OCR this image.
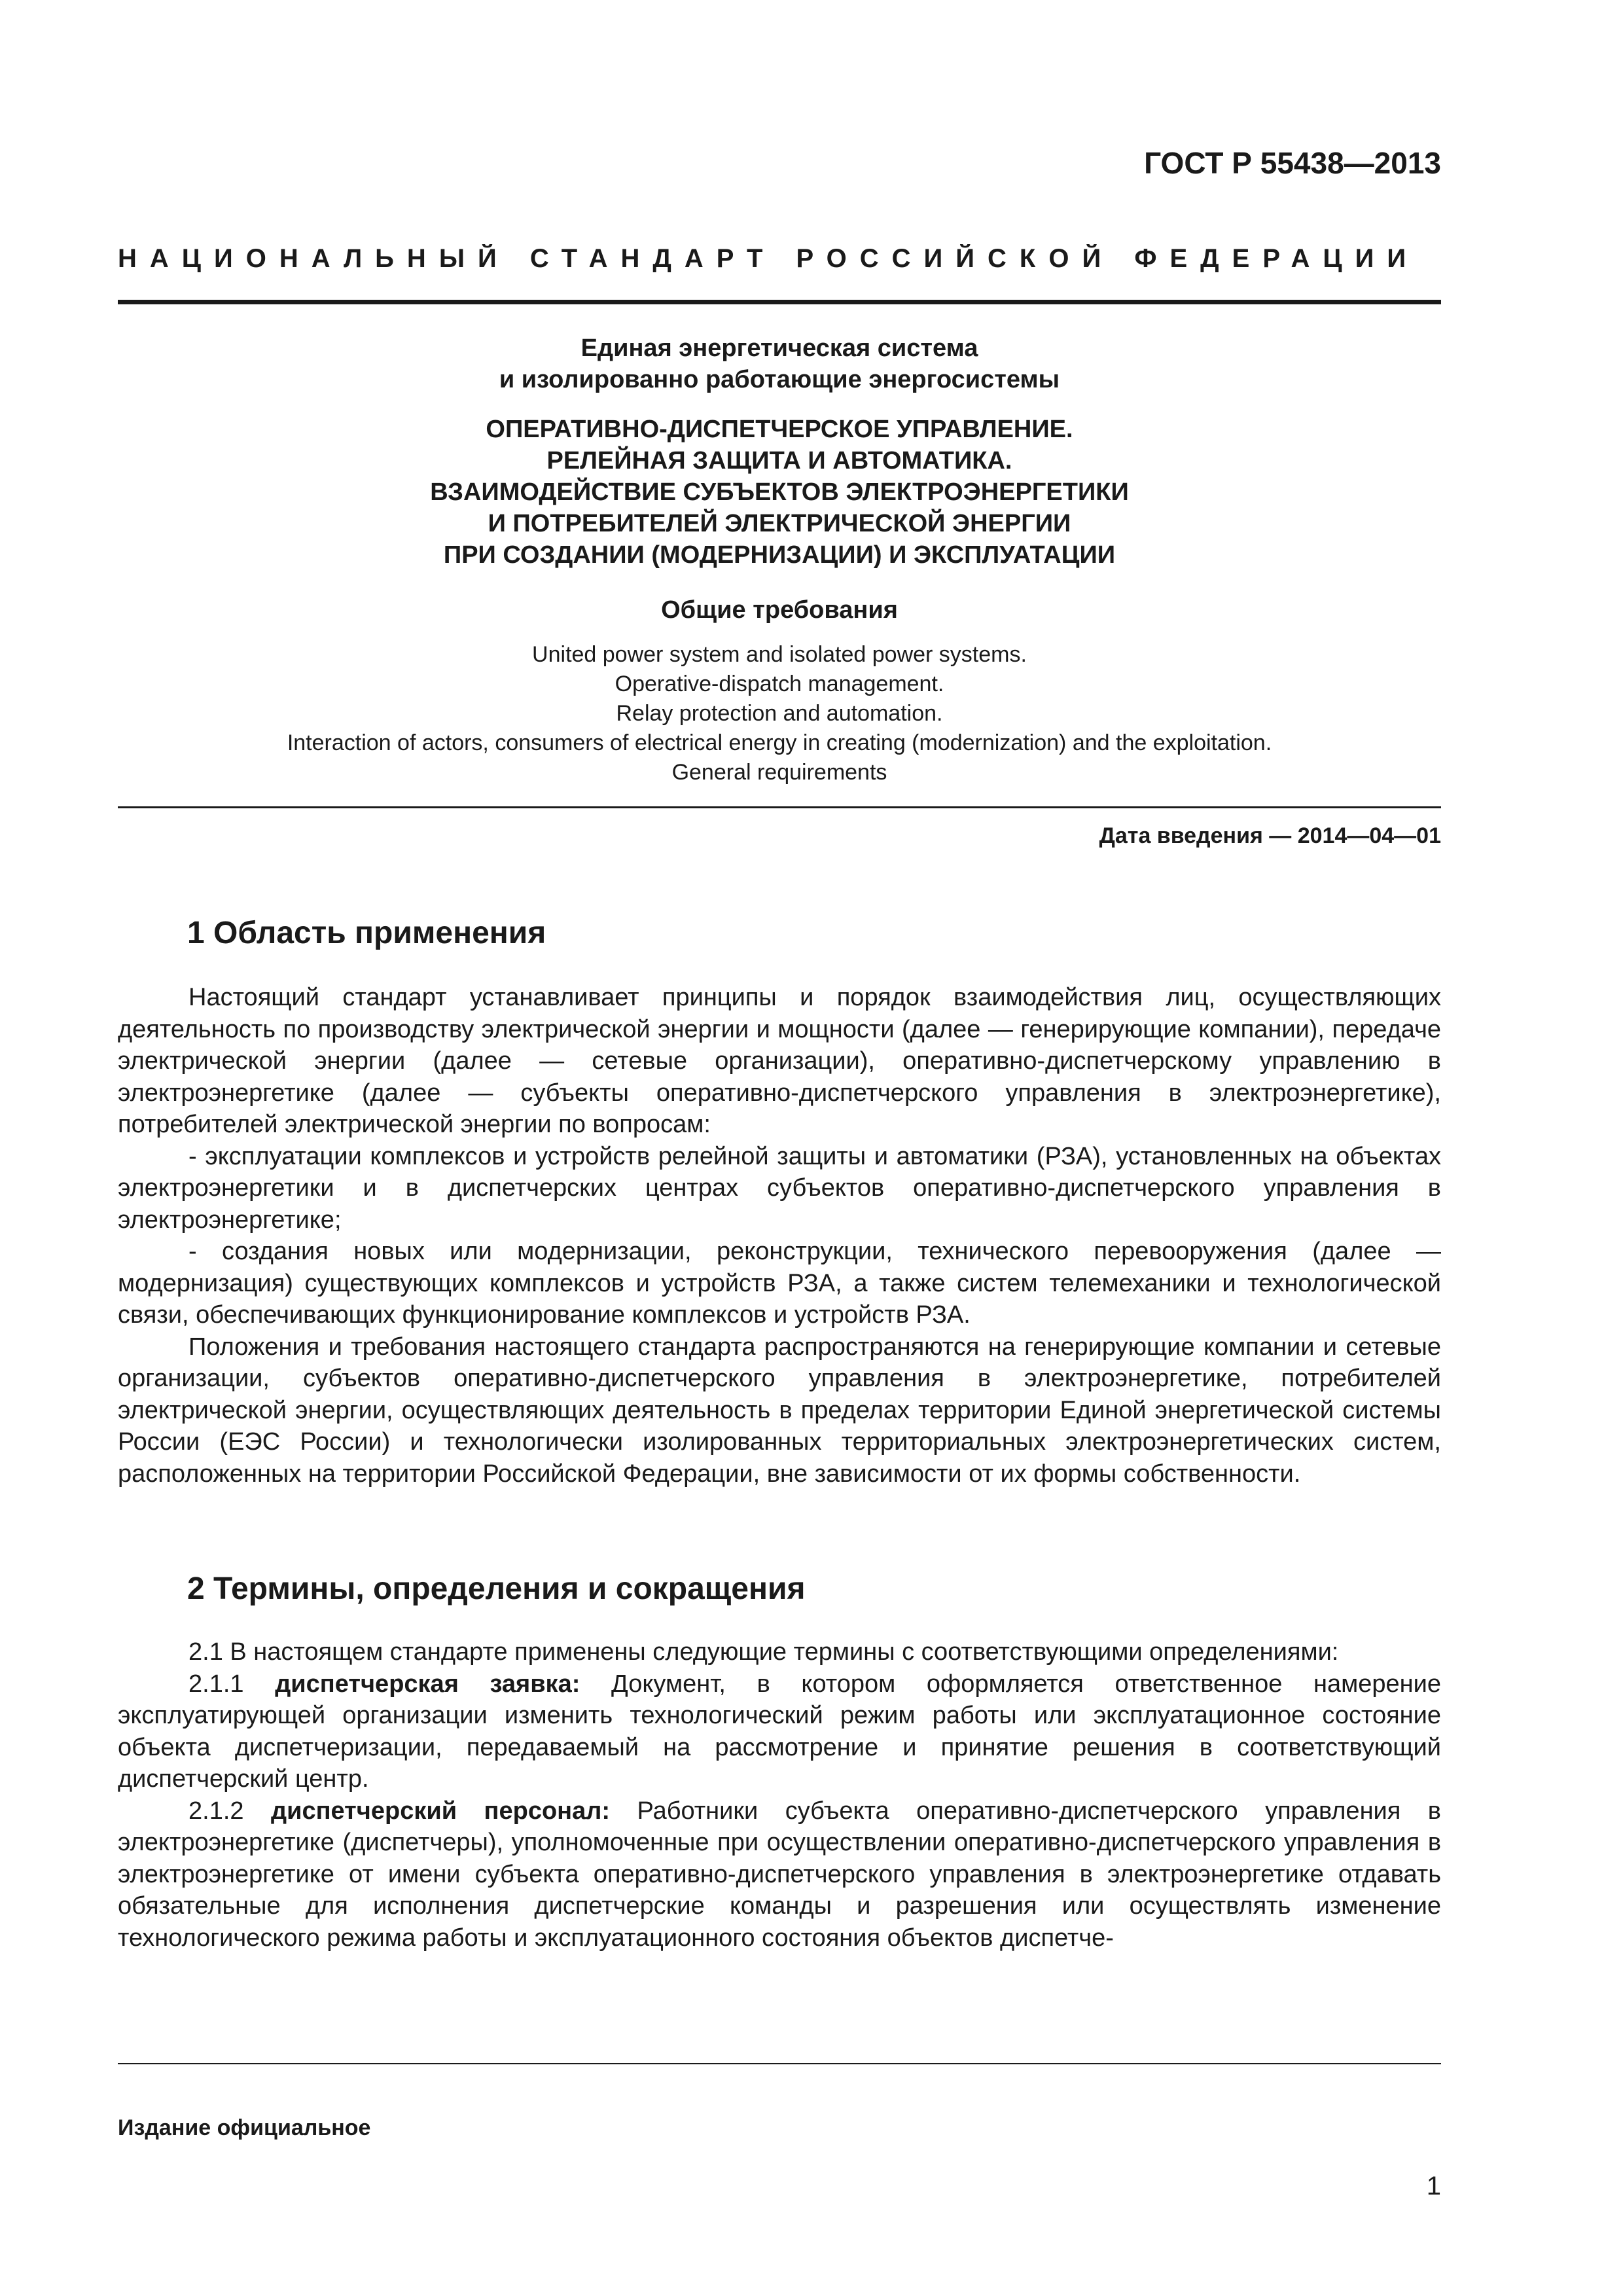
ГОСТ Р 55438—2013
НАЦИОНАЛЬНЫЙ СТАНДАРТ РОССИЙСКОЙ ФЕДЕРАЦИИ
Единая энергетическая система
и изолированно работающие энергосистемы
ОПЕРАТИВНО-ДИСПЕТЧЕРСКОЕ УПРАВЛЕНИЕ.
РЕЛЕЙНАЯ ЗАЩИТА И АВТОМАТИКА.
ВЗАИМОДЕЙСТВИЕ СУБЪЕКТОВ ЭЛЕКТРОЭНЕРГЕТИКИ
И ПОТРЕБИТЕЛЕЙ ЭЛЕКТРИЧЕСКОЙ ЭНЕРГИИ
ПРИ СОЗДАНИИ (МОДЕРНИЗАЦИИ) И ЭКСПЛУАТАЦИИ
Общие требования
United power system and isolated power systems.
Operative-dispatch management.
Relay protection and automation.
Interaction of actors, consumers of electrical energy in creating (modernization) and the exploitation.
General requirements
Дата введения — 2014—04—01
1 Область применения

Настоящий стандарт устанавливает принципы и порядок взаимодействия лиц, осуществляющих деятельность по производству электрической энергии и мощности (далее — генерирующие компании), передаче электрической энергии (далее — сетевые организации), оперативно-диспетчерскому управлению в электроэнергетике (далее — субъекты оперативно-диспетчерского управления в электроэнергетике), потребителей электрической энергии по вопросам:

- эксплуатации комплексов и устройств релейной защиты и автоматики (РЗА), установленных на объектах электроэнергетики и в диспетчерских центрах субъектов оперативно-диспетчерского управления в электроэнергетике;

- создания новых или модернизации, реконструкции, технического перевооружения (далее — модернизация) существующих комплексов и устройств РЗА, а также систем телемеханики и технологической связи, обеспечивающих функционирование комплексов и устройств РЗА.

Положения и требования настоящего стандарта распространяются на генерирующие компании и сетевые организации, субъектов оперативно-диспетчерского управления в электроэнергетике, потребителей электрической энергии, осуществляющих деятельность в пределах территории Единой энергетической системы России (ЕЭС России) и технологически изолированных территориальных электроэнергетических систем, расположенных на территории Российской Федерации, вне зависимости от их формы собственности.

2 Термины, определения и сокращения

2.1 В настоящем стандарте применены следующие термины с соответствующими определениями:

2.1.1 диспетчерская заявка: Документ, в котором оформляется ответственное намерение эксплуатирующей организации изменить технологический режим работы или эксплуатационное состояние объекта диспетчеризации, передаваемый на рассмотрение и принятие решения в соответствующий диспетчерский центр.

2.1.2 диспетчерский персонал: Работники субъекта оперативно-диспетчерского управления в электроэнергетике (диспетчеры), уполномоченные при осуществлении оперативно-диспетчерского управления в электроэнергетике от имени субъекта оперативно-диспетчерского управления в электроэнергетике отдавать обязательные для исполнения диспетчерские команды и разрешения или осуществлять изменение технологического режима работы и эксплуатационного состояния объектов диспетче-

Издание официальное
1
